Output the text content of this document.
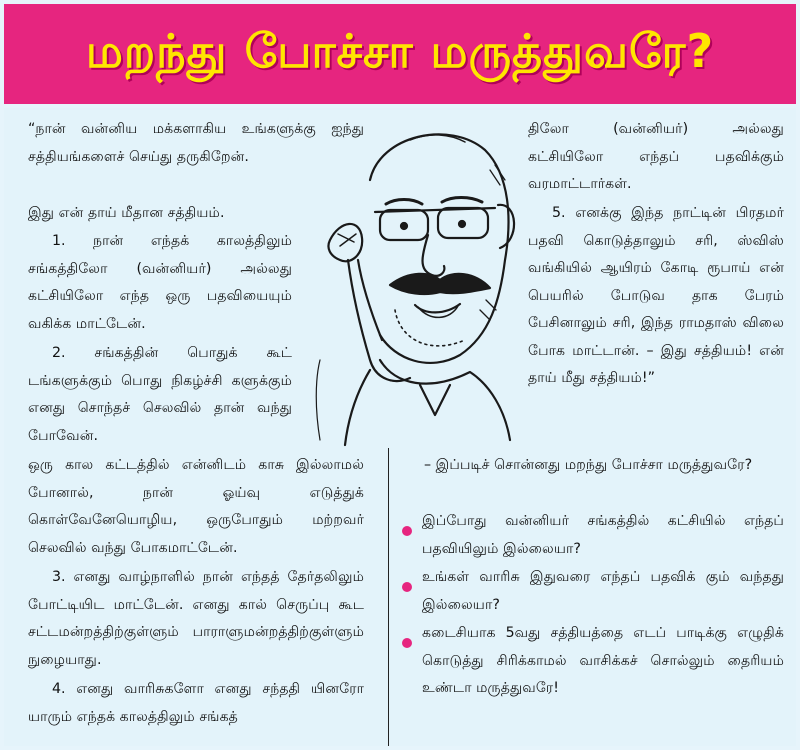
மறந்து போச்சா மருத்துவரே?

“நான் வன்னிய மக்களாகிய உங்களுக்கு ஐந்து சத்தியங்களைச் செய்து தருகிறேன்.

இது என் தாய் மீதான சத்தியம்.

1. நான் எந்தக் காலத்திலும் சங்கத்திலோ (வன்னியர்) அல்லது கட்சியிலோ எந்த ஒரு பதவியையும் வகிக்க மாட்டேன்.

2. சங்கத்தின் பொதுக் கூட் டங்களுக்கும் பொது நிகழ்ச்சி களுக்கும் எனது சொந்தச் செலவில் தான் வந்து போவேன்.

ஒரு கால கட்டத்தில் என்னிடம் காசு இல்லாமல் போனால், நான் ஓய்வு எடுத்துக் கொள்வேனேயொழிய, ஒருபோதும் மற்றவர் செலவில் வந்து போகமாட்டேன்.

3. எனது வாழ்நாளில் நான் எந்தத் தேர்தலிலும் போட்டியிட மாட்டேன். எனது கால் செருப்பு கூட சட்டமன்றத்திற்குள்ளும் பாராளுமன்றத்திற்குள்ளும் நுழையாது.

4. எனது வாரிசுகளோ எனது சந்ததி யினரோ யாரும் எந்தக் காலத்திலும் சங்கத்

திலோ (வன்னியர்) அல்லது கட்சியிலோ எந்தப் பதவிக்கும் வரமாட்டார்கள்.

5. எனக்கு இந்த நாட்டின் பிரதமர் பதவி கொடுத்தாலும் சரி, ஸ்விஸ் வங்கியில் ஆயிரம் கோடி ரூபாய் என் பெயரில் போடுவ தாக பேரம் பேசினாலும் சரி, இந்த ராமதாஸ் விலை போக மாட்டான். – இது சத்தியம்! என் தாய் மீது சத்தியம்!”

– இப்படிச் சொன்னது மறந்து போச்சா மருத்துவரே?

இப்போது வன்னியர் சங்கத்தில் கட்சியில் எந்தப் பதவியிலும் இல்லையா?

உங்கள் வாரிசு இதுவரை எந்தப் பதவிக் கும் வந்தது இல்லையா?

கடைசியாக 5வது சத்தியத்தை எடப் பாடிக்கு எழுதிக் கொடுத்து சிரிக்காமல் வாசிக்கச் சொல்லும் தைரியம் உண்டா மருத்துவரே!
